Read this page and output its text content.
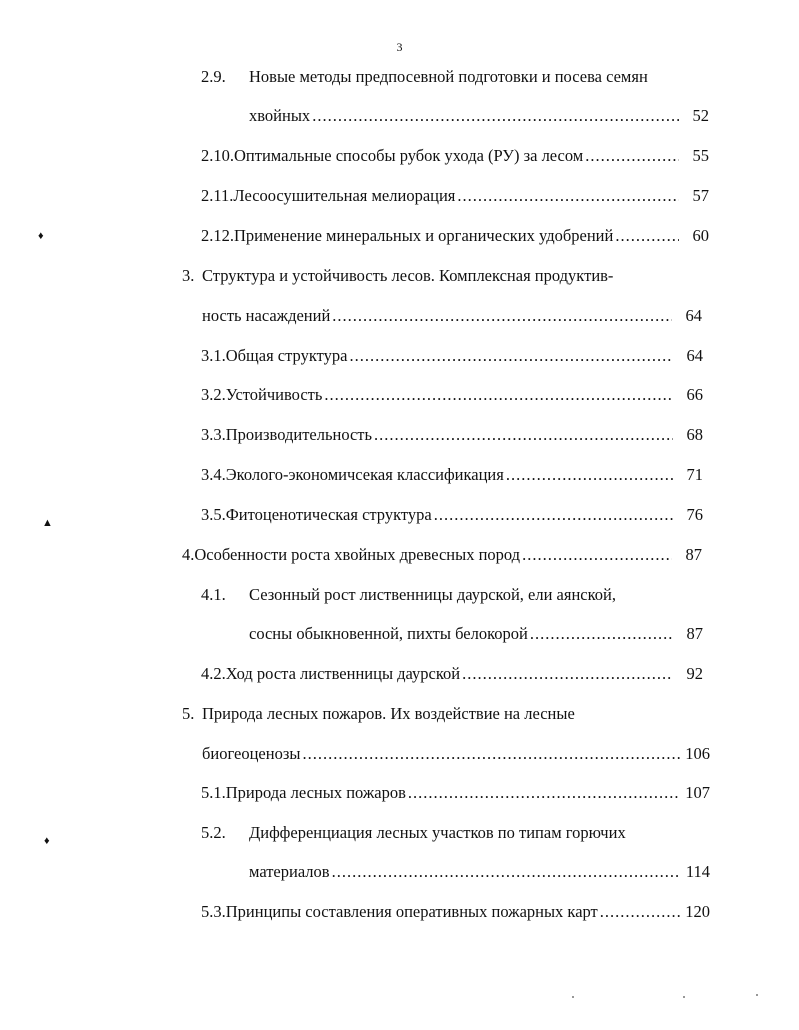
3
2.9.	Новые методы предпосевной подготовки и посева семян
хвойных .....	52
2.10. Оптимальные способы рубок ухода (РУ) за лесом .....	55
2.11. Лесоосушительная мелиорация .....	57
2.12. Применение минеральных и органических удобрений .....	60
3. Структура и устойчивость лесов. Комплексная продуктив-
ность насаждений .....	64
3.1. Общая структура .....	64
3.2. Устойчивость .....	66
3.3. Производительность .....	68
3.4. Эколого-экономичсекая классификация .....	71
3.5. Фитоценотическая структура .....	76
4. Особенности роста хвойных древесных пород .....	87
4.1.	Сезонный рост лиственницы даурской, ели аянской,
сосны обыкновенной, пихты белокорой .....	87
4.2. Ход роста лиственницы даурской .....	92
5. Природа лесных пожаров. Их воздействие на лесные
биогеоценозы .....	106
5.1. Природа лесных пожаров .....	107
5.2.	Дифференциация лесных участков по типам горючих
материалов .....	114
5.3. Принципы составления оперативных пожарных карт .....	120
♦
▲
♦
